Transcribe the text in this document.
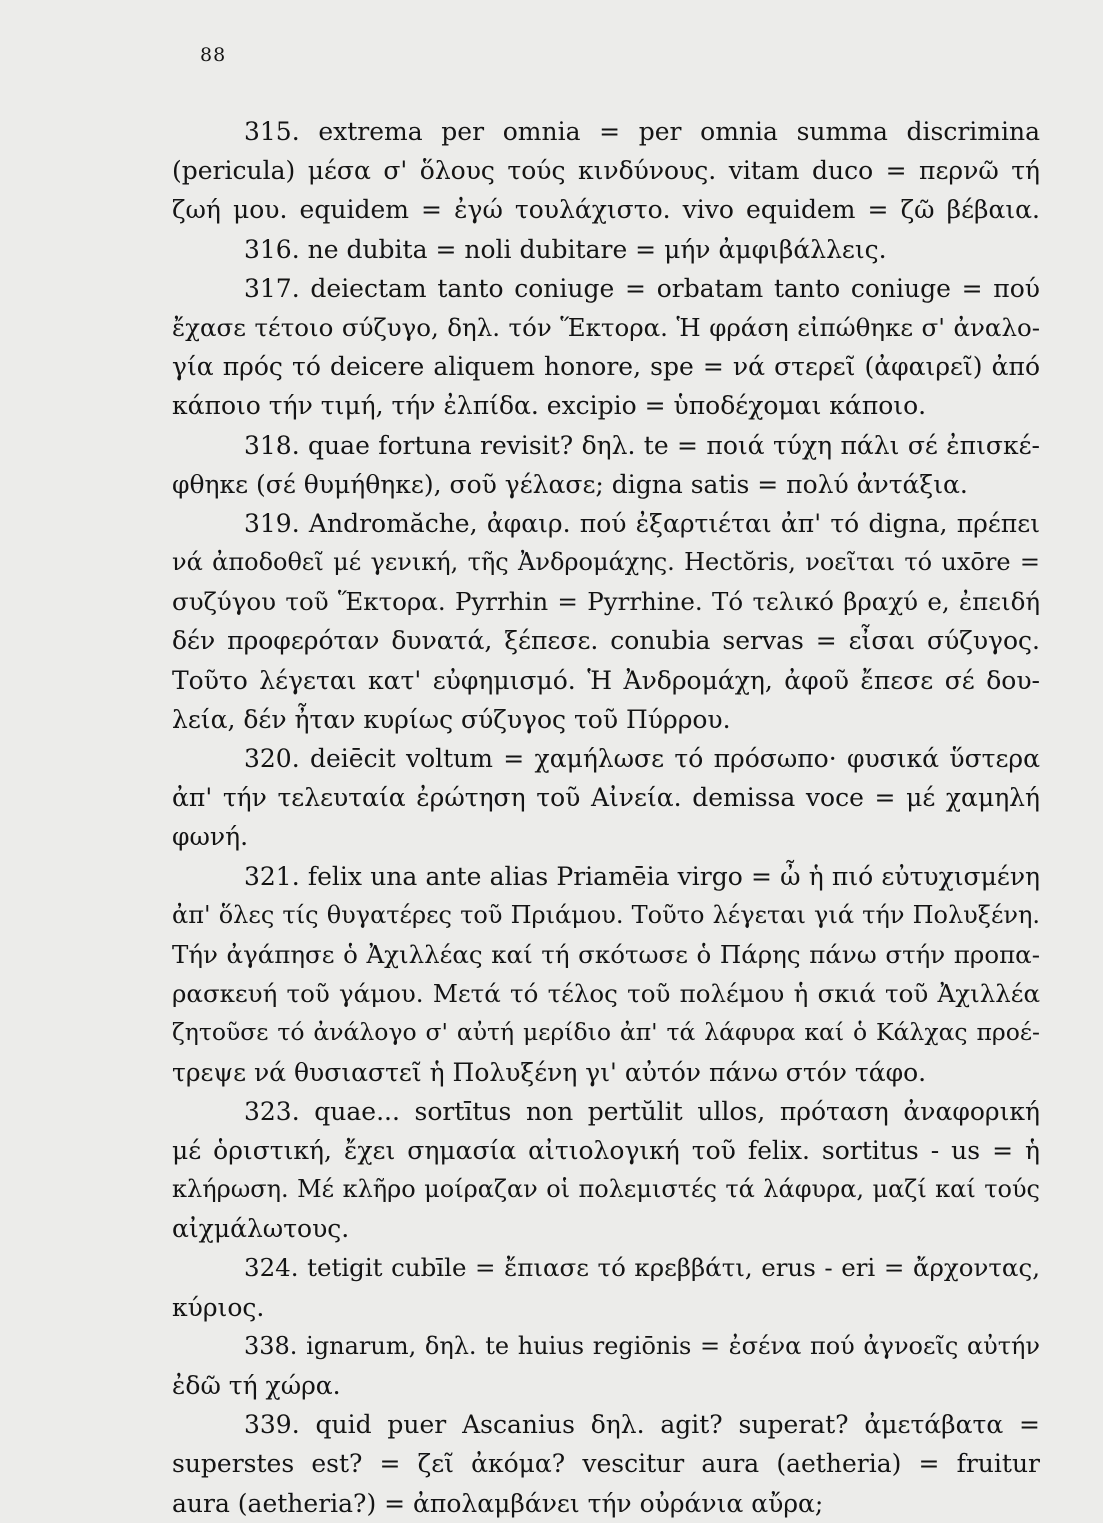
88
315. extrema per omnia = per omnia summa discrimina
(pericula) μέσα σ' ὅλους τούς κινδύνους. vitam duco = περνῶ τή
ζωή μου. equidem = ἐγώ τουλάχιστο. vivo equidem = ζῶ βέβαια.
316. ne dubita = noli dubitare = μήν ἀμφιβάλλεις.
317. deiectam tanto coniuge = orbatam tanto coniuge = πού
ἔχασε τέτοιο σύζυγο, δηλ. τόν Ἕκτορα. Ἡ φράση εἰπώθηκε σ' ἀναλο-
γία πρός τό deicere aliquem honore, spe = νά στερεῖ (ἀφαιρεῖ) ἀπό
κάποιο τήν τιμή, τήν ἐλπίδα. excipio = ὑποδέχομαι κάποιο.
318. quae fortuna revisit? δηλ. te = ποιά τύχη πάλι σέ ἐπισκέ-
φθηκε (σέ θυμήθηκε), σοῦ γέλασε; digna satis = πολύ ἀντάξια.
319. Andromăche, ἀφαιρ. πού ἐξαρτιέται ἀπ' τό digna, πρέπει
νά ἀποδοθεῖ μέ γενική, τῆς Ἀνδρομάχης. Hectŏris, νοεῖται τό uxōre =
συζύγου τοῦ Ἕκτορα. Pyrrhin = Pyrrhine. Τό τελικό βραχύ e, ἐπειδή
δέν προφερόταν δυνατά, ξέπεσε. conubia servas = εἶσαι σύζυγος.
Τοῦτο λέγεται κατ' εὐφημισμό. Ἡ Ἀνδρομάχη, ἀφοῦ ἔπεσε σέ δου-
λεία, δέν ἦταν κυρίως σύζυγος τοῦ Πύρρου.
320. deiēcit voltum = χαμήλωσε τό πρόσωπο· φυσικά ὕστερα
ἀπ' τήν τελευταία ἐρώτηση τοῦ Αἰνεία. demissa voce = μέ χαμηλή
φωνή.
321. felix una ante alias Priamēia virgo = ὦ ἡ πιό εὐτυχισμένη
ἀπ' ὅλες τίς θυγατέρες τοῦ Πριάμου. Τοῦτο λέγεται γιά τήν Πολυξένη.
Τήν ἀγάπησε ὁ Ἀχιλλέας καί τή σκότωσε ὁ Πάρης πάνω στήν προπα-
ρασκευή τοῦ γάμου. Μετά τό τέλος τοῦ πολέμου ἡ σκιά τοῦ Ἀχιλλέα
ζητοῦσε τό ἀνάλογο σ' αὐτή μερίδιο ἀπ' τά λάφυρα καί ὁ Κάλχας προέ-
τρεψε νά θυσιαστεῖ ἡ Πολυξένη γι' αὐτόν πάνω στόν τάφο.
323. quae... sortītus non pertŭlit ullos, πρόταση ἀναφορική
μέ ὁριστική, ἔχει σημασία αἰτιολογική τοῦ felix. sortitus - us = ἡ
κλήρωση. Μέ κλῆρο μοίραζαν οἱ πολεμιστές τά λάφυρα, μαζί καί τούς
αἰχμάλωτους.
324. tetigit cubīle = ἔπιασε τό κρεββάτι, erus - eri = ἄρχοντας,
κύριος.
338. ignarum, δηλ. te huius regiōnis = ἐσένα πού ἀγνοεῖς αὐτήν
ἐδῶ τή χώρα.
339. quid puer Ascanius δηλ. agit? superat? ἀμετάβατα =
superstes est? = ζεῖ ἀκόμα? vescitur aura (aetheria) = fruitur
aura (aetheria?) = ἀπολαμβάνει τήν οὐράνια αὔρα;
